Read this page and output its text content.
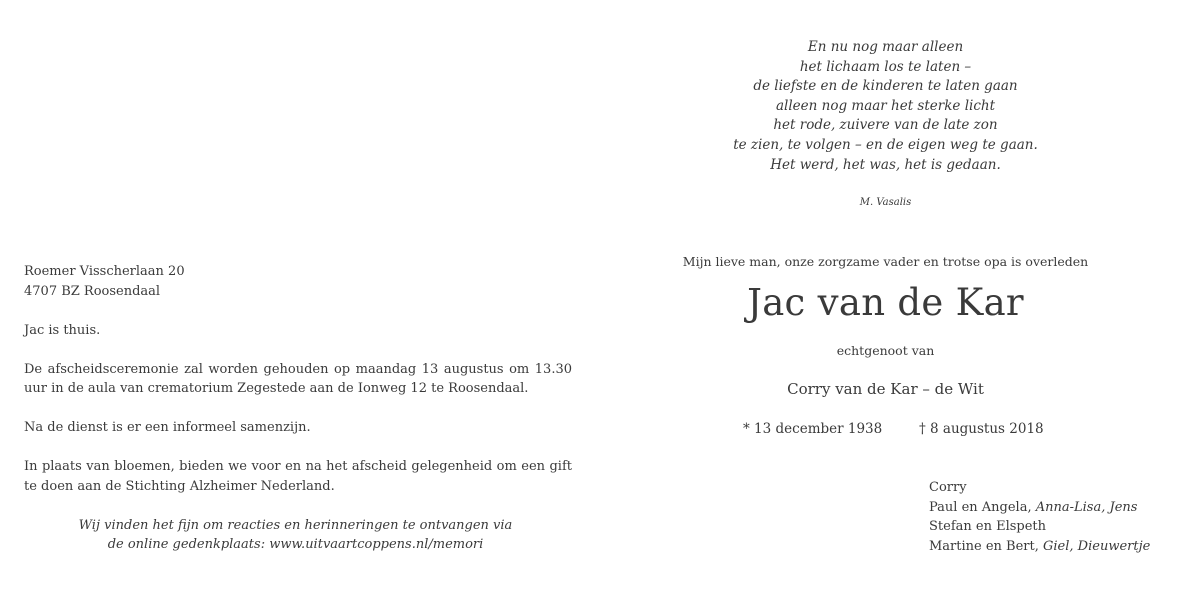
Roemer Visscherlaan 20
4707 BZ Roosendaal

Jac is thuis.

De afscheidsceremonie zal worden gehouden op maandag 13 augustus om 13.30 uur in de aula van crematorium Zegestede aan de Ionweg 12 te Roosendaal.

Na de dienst is er een informeel samenzijn.

In plaats van bloemen, bieden we voor en na het afscheid gelegenheid om een gift te doen aan de Stichting Alzheimer Nederland.

Wij vinden het fijn om reacties en herinneringen te ontvangen via
de online gedenkplaats: www.uitvaartcoppens.nl/memori
En nu nog maar alleen
het lichaam los te laten –
de liefste en de kinderen te laten gaan
alleen nog maar het sterke licht
het rode, zuivere van de late zon
te zien, te volgen – en de eigen weg te gaan.
Het werd, het was, het is gedaan.
M. Vasalis
Mijn lieve man, onze zorgzame vader en trotse opa is overleden
Jac van de Kar
echtgenoot van
Corry van de Kar – de Wit
* 13 december 1938	† 8 augustus 2018
Corry
Paul en Angela, Anna-Lisa, Jens
Stefan en Elspeth
Martine en Bert, Giel, Dieuwertje
